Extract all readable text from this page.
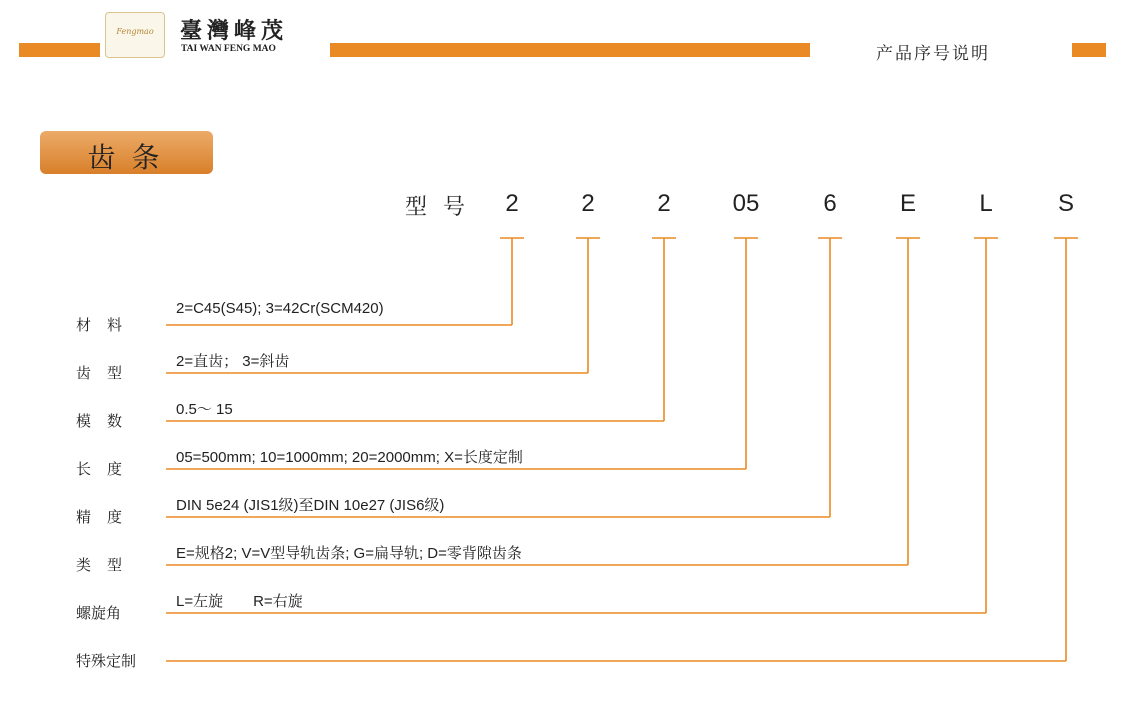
Fengmao	臺灣峰茂
TAI WAN FENG MAO	产品序号说明
齿条
型号 2	2	2	05	6	E	L	S
材料
2=C45(S45); 3=42Cr(SCM420)
齿型
2=直齿； 3=斜齿
模数
0.5～ 15
长度
05=500mm; 10=1000mm; 20=2000mm; X=长度定制
精度
DIN 5e24 (JIS1级)至DIN 10e27 (JIS6级)
类型
E=规格2; V=V型导轨齿条; G=扁导轨; D=零背隙齿条
螺旋角
L=左旋　　R=右旋
特殊定制
